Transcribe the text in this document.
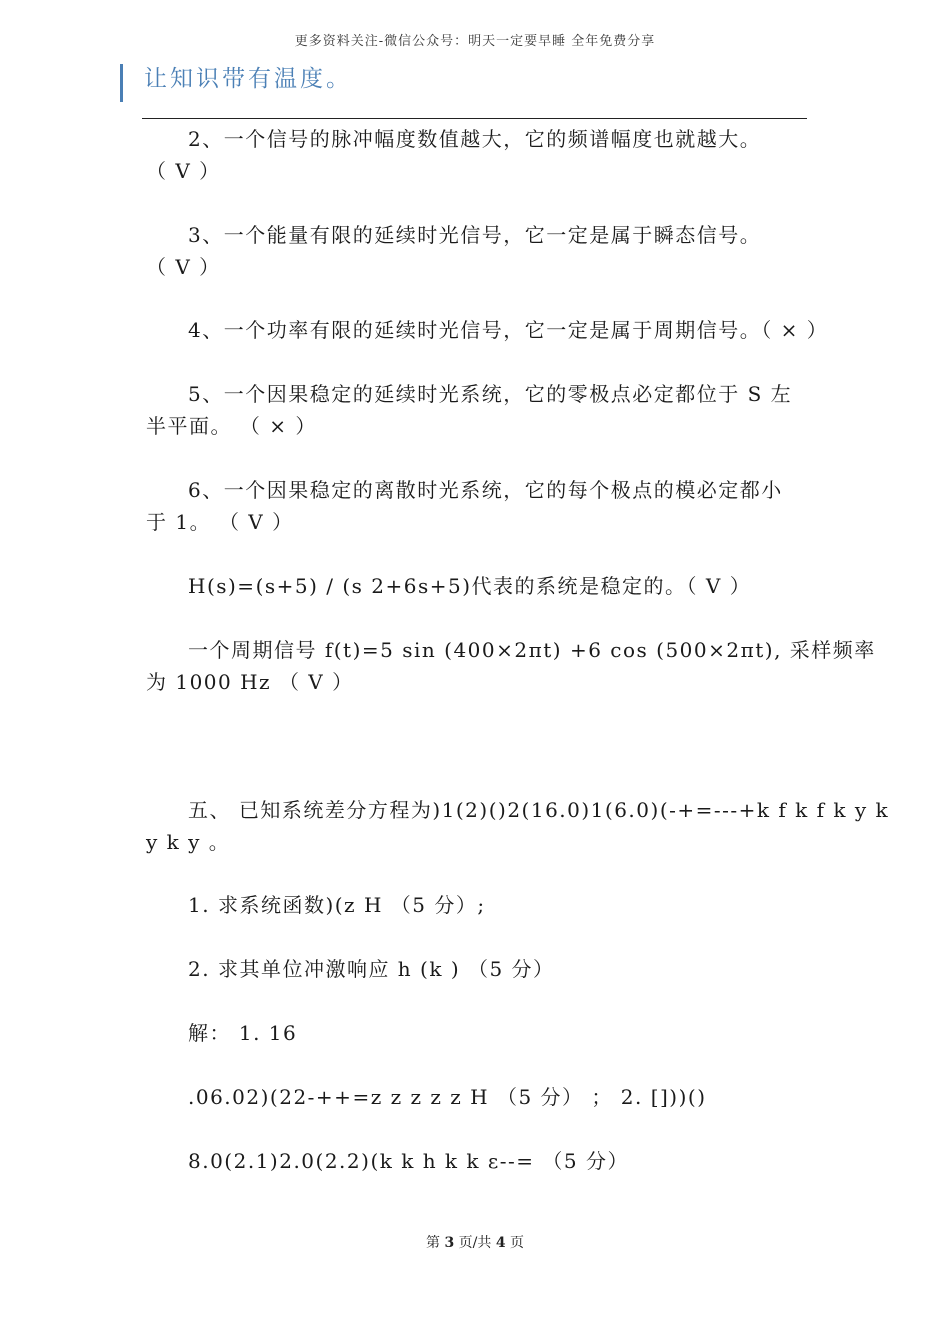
更多资料关注-微信公众号：明天一定要早睡 全年免费分享
让知识带有温度。
2、一个信号的脉冲幅度数值越大，它的频谱幅度也就越大。
（ V ）
3、一个能量有限的延续时光信号，它一定是属于瞬态信号。
（ V ）
4、一个功率有限的延续时光信号，它一定是属于周期信号。（ × ）
5、一个因果稳定的延续时光系统，它的零极点必定都位于 S 左
半平面。 （ × ）
6、一个因果稳定的离散时光系统，它的每个极点的模必定都小
于 1。 （ V ）
H(s)=(s+5) / (s 2+6s+5)代表的系统是稳定的。（ V ）
一个周期信号 f(t)=5 sin (400×2πt) +6 cos (500×2πt), 采样频率
为 1000 Hz （ V ）
五、 已知系统差分方程为)1(2)()2(16.0)1(6.0)(-+=---+k f k f k y k
y k y 。
1. 求系统函数)(z H （5 分）;
2. 求其单位冲激响应 h (k ) （5 分）
解： 1. 16
.06.02)(22-++=z z z z z H （5 分） ； 2. []))()
8.0(2.1)2.0(2.2)(k k h k k ε--= （5 分）
第 3 页/共 4 页
